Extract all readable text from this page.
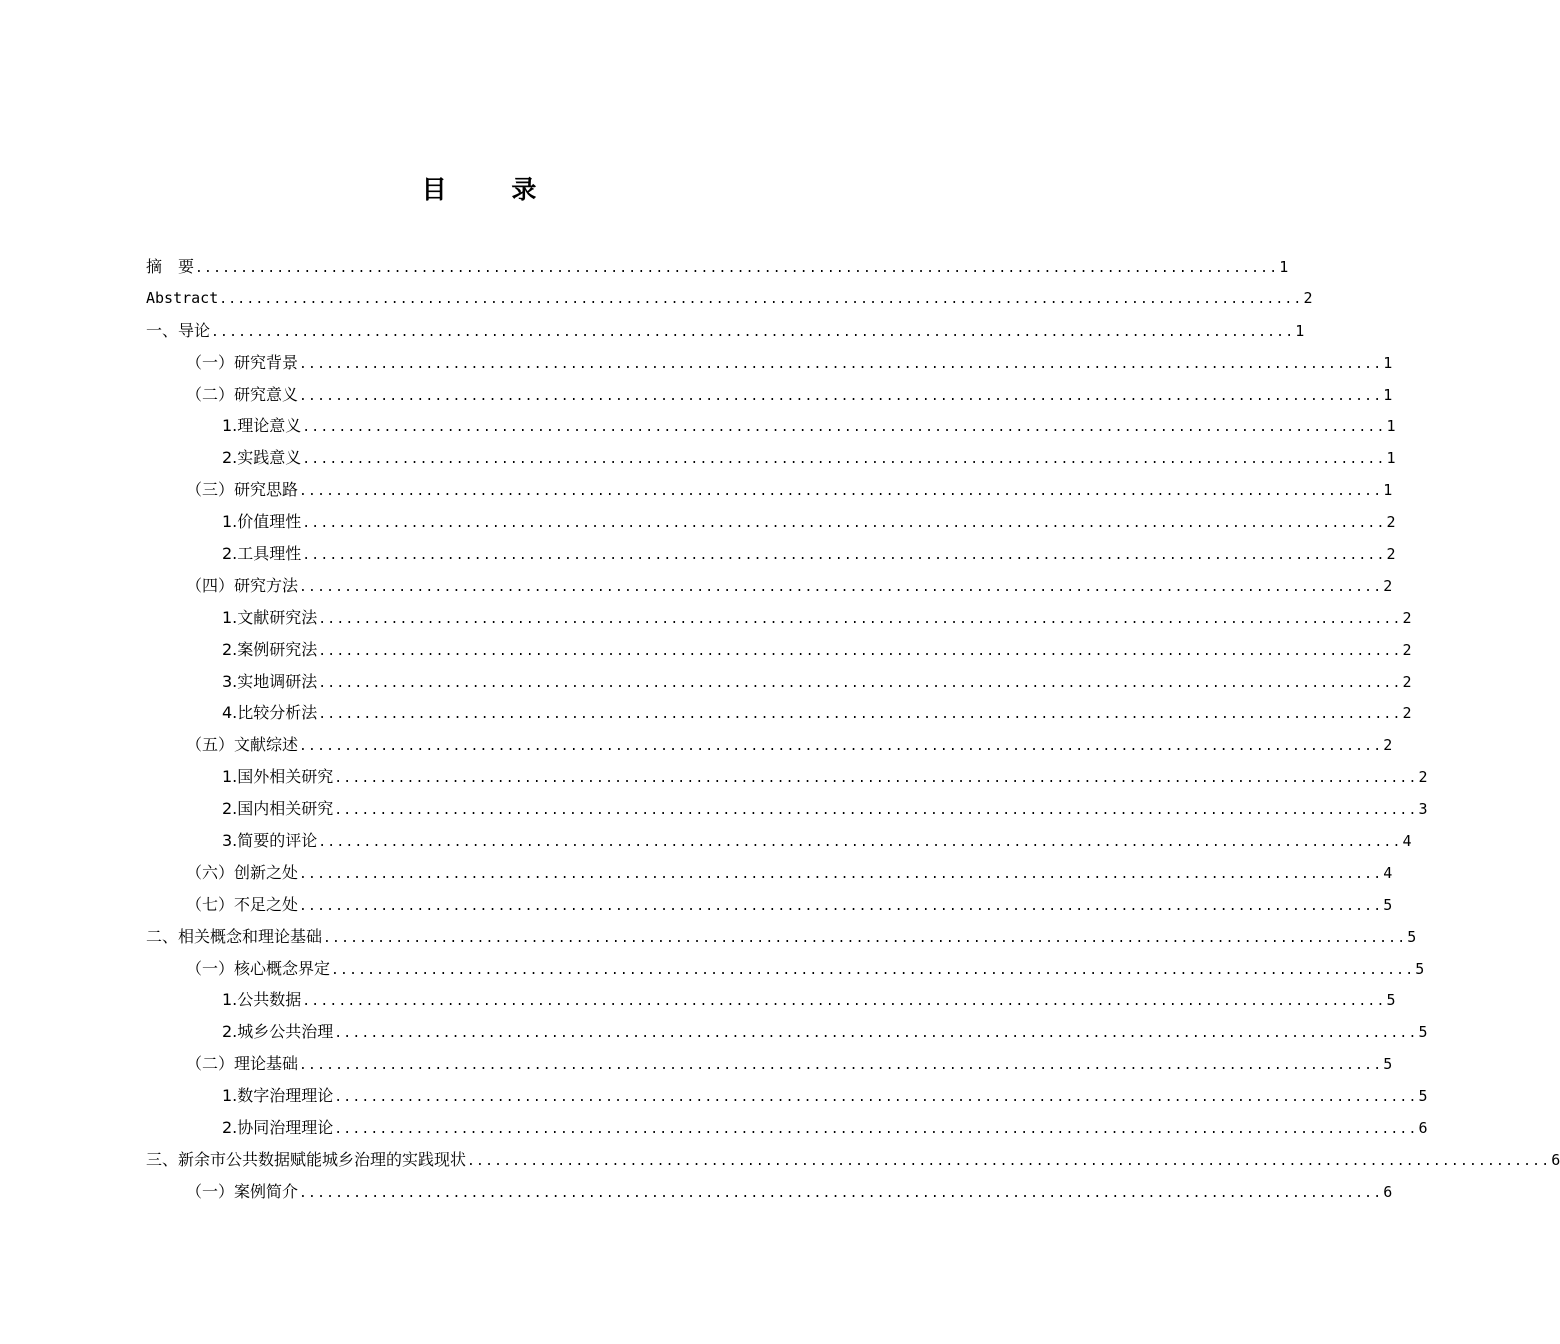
目 录
摘　要 ........................................................................................................................ 1
Abstract ........................................................................................................................ 2
一、导论 ........................................................................................................................ 1
（一）研究背景 ........................................................................................................................ 1
（二）研究意义 ........................................................................................................................ 1
1.理论意义 ........................................................................................................................ 1
2.实践意义 ........................................................................................................................ 1
（三）研究思路 ........................................................................................................................ 1
1.价值理性 ........................................................................................................................ 2
2.工具理性 ........................................................................................................................ 2
（四）研究方法 ........................................................................................................................ 2
1.文献研究法 ........................................................................................................................ 2
2.案例研究法 ........................................................................................................................ 2
3.实地调研法 ........................................................................................................................ 2
4.比较分析法 ........................................................................................................................ 2
（五）文献综述 ........................................................................................................................ 2
1.国外相关研究 ........................................................................................................................ 2
2.国内相关研究 ........................................................................................................................ 3
3.简要的评论 ........................................................................................................................ 4
（六）创新之处 ........................................................................................................................ 4
（七）不足之处 ........................................................................................................................ 5
二、相关概念和理论基础 ........................................................................................................................ 5
（一）核心概念界定 ........................................................................................................................ 5
1.公共数据 ........................................................................................................................ 5
2.城乡公共治理 ........................................................................................................................ 5
（二）理论基础 ........................................................................................................................ 5
1.数字治理理论 ........................................................................................................................ 5
2.协同治理理论 ........................................................................................................................ 6
三、新余市公共数据赋能城乡治理的实践现状 ........................................................................................................................ 6
（一）案例简介 ........................................................................................................................ 6
